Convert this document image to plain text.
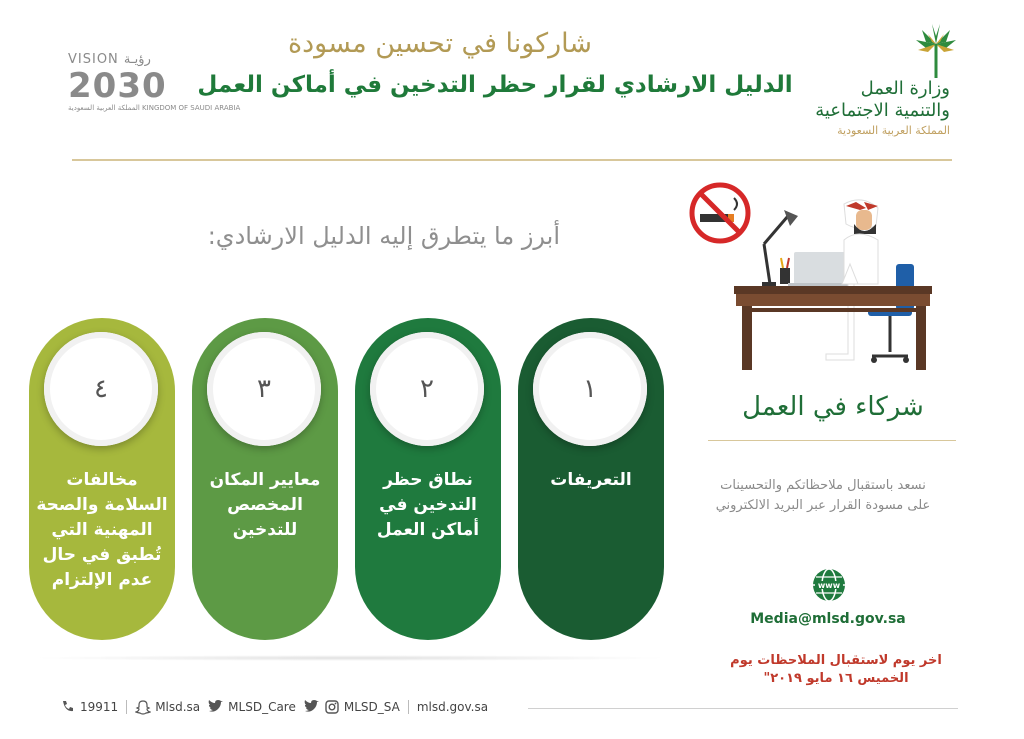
شاركونا في تحسين مسودة
الدليل الارشادي لقرار حظر التدخين في أماكن العمل	وزارة العمل
والتنمية الاجتماعية
المملكة العربية السعودية
VISION رؤيـة
2030
المملكة العربية السعودية KINGDOM OF SAUDI ARABIA
أبرز ما يتطرق إليه الدليل الارشادي:
١
التعريفات
٢
نطاق حظر التدخين في أماكن العمل
٣
معايير المكان المخصص للتدخين
٤
مخالفات السلامة والصحة المهنية التي تُطبق في حال عدم الإلتزام
شركاء في العمل
نسعد باستقبال ملاحظاتكم والتحسينات على مسودة القرار عبر البريد الالكتروني
www
Media@mlsd.gov.sa
اخر يوم لاستقبال الملاحظات يوم
الخميس ١٦ مايو ٢٠١٩"
19911	Mlsd.sa MLSD_Care	MLSD_SA mlsd.gov.sa
